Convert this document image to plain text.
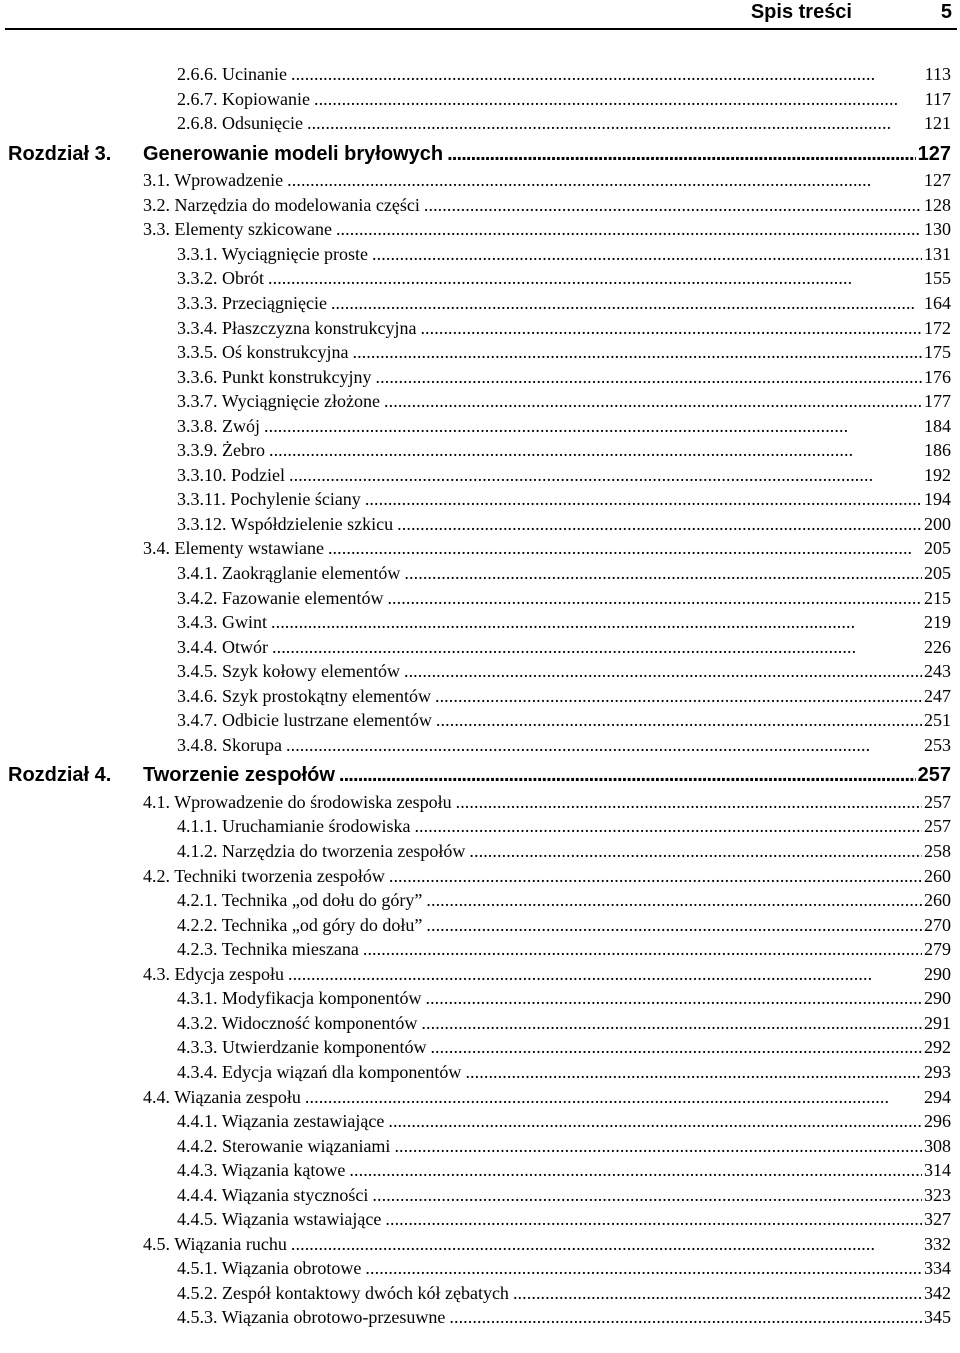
Spis treści	5
2.6.6. Ucinanie . . .	113
2.6.7. Kopiowanie . . .	117
2.6.8. Odsunięcie . . .	121
Rozdział 3. Generowanie modeli bryłowych . . .	127
3.1. Wprowadzenie . . .	127
3.2. Narzędzia do modelowania części . . .	128
3.3. Elementy szkicowane . . .	130
3.3.1. Wyciągnięcie proste . . .	131
3.3.2. Obrót . . .	155
3.3.3. Przeciągnięcie . . .	164
3.3.4. Płaszczyzna konstrukcyjna . . .	172
3.3.5. Oś konstrukcyjna . . .	175
3.3.6. Punkt konstrukcyjny . . .	176
3.3.7. Wyciągnięcie złożone . . .	177
3.3.8. Zwój . . .	184
3.3.9. Żebro . . .	186
3.3.10. Podziel . . .	192
3.3.11. Pochylenie ściany . . .	194
3.3.12. Współdzielenie szkicu . . .	200
3.4. Elementy wstawiane . . .	205
3.4.1. Zaokrąglanie elementów . . .	205
3.4.2. Fazowanie elementów . . .	215
3.4.3. Gwint . . .	219
3.4.4. Otwór . . .	226
3.4.5. Szyk kołowy elementów . . .	243
3.4.6. Szyk prostokątny elementów . . .	247
3.4.7. Odbicie lustrzane elementów . . .	251
3.4.8. Skorupa . . .	253
Rozdział 4. Tworzenie zespołów . . .	257
4.1. Wprowadzenie do środowiska zespołu . . .	257
4.1.1. Uruchamianie środowiska . . .	257
4.1.2. Narzędzia do tworzenia zespołów . . .	258
4.2. Techniki tworzenia zespołów . . .	260
4.2.1. Technika „od dołu do góry” . . .	260
4.2.2. Technika „od góry do dołu” . . .	270
4.2.3. Technika mieszana . . .	279
4.3. Edycja zespołu . . .	290
4.3.1. Modyfikacja komponentów . . .	290
4.3.2. Widoczność komponentów . . .	291
4.3.3. Utwierdzanie komponentów . . .	292
4.3.4. Edycja wiązań dla komponentów . . .	293
4.4. Wiązania zespołu . . .	294
4.4.1. Wiązania zestawiające . . .	296
4.4.2. Sterowanie wiązaniami . . .	308
4.4.3. Wiązania kątowe . . .	314
4.4.4. Wiązania styczności . . .	323
4.4.5. Wiązania wstawiające . . .	327
4.5. Wiązania ruchu . . .	332
4.5.1. Wiązania obrotowe . . .	334
4.5.2. Zespół kontaktowy dwóch kół zębatych . . .	342
4.5.3. Wiązania obrotowo-przesuwne . . .	345
